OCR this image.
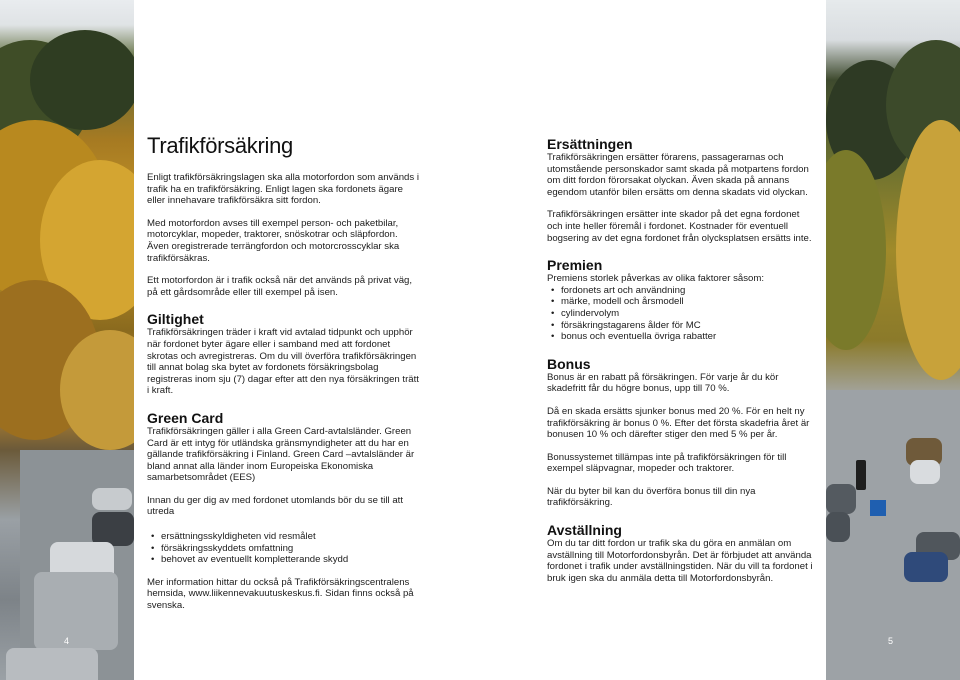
4	5
Trafikförsäkring

Enligt trafikförsäkringslagen ska alla motorfordon som används i trafik ha en trafikförsäkring. Enligt lagen ska fordonets ägare eller innehavare trafikförsäkra sitt fordon.

Med motorfordon avses till exempel person- och paketbilar, motorcyklar, mopeder, traktorer, snöskotrar och släpfordon. Även oregistrerade terrängfordon och motorcrosscyklar ska trafikförsäkras.

Ett motorfordon är i trafik också när det används på privat väg, på ett gårdsområde eller till exempel på isen.

Giltighet

Trafikförsäkringen träder i kraft vid avtalad tidpunkt och upphör när fordonet byter ägare eller i samband med att fordonet skrotas och avregistreras. Om du vill överföra trafikförsäkringen till annat bolag ska bytet av fordonets försäkringsbolag registreras inom sju (7) dagar efter att den nya försäkringen trätt i kraft.

Green Card

Trafikförsäkringen gäller i alla Green Card-avtalsländer. Green Card är ett intyg för utländska gränsmyndigheter att du har en gällande trafikförsäkring i Finland. Green Card –avtalsländer är bland annat alla länder inom Europeiska Ekonomiska samarbetsområdet (EES)

Innan du ger dig av med fordonet utomlands bör du se till att utreda

• ersättningsskyldigheten vid resmålet
• försäkringsskyddets omfattning
• behovet av eventuellt kompletterande skydd

Mer information hittar du också på Trafikförsäkringscentralens hemsida, www.liikennevakuutuskeskus.fi. Sidan finns också på svenska.

Ersättningen

Trafikförsäkringen ersätter förarens, passagerarnas och utomstående personskador samt skada på motpartens fordon om ditt fordon förorsakat olyckan. Även skada på annans egendom utanför bilen ersätts om denna skadats vid olyckan.

Trafikförsäkringen ersätter inte skador på det egna fordonet och inte heller föremål i fordonet. Kostnader för eventuell bogsering av det egna fordonet från olycksplatsen ersätts inte.

Premien

Premiens storlek påverkas av olika faktorer såsom:

• fordonets art och användning
• märke, modell och årsmodell
• cylindervolym
• försäkringstagarens ålder för MC
• bonus och eventuella övriga rabatter
Bonus

Bonus är en rabatt på försäkringen. För varje år du kör skadefritt får du högre bonus, upp till 70 %.

Då en skada ersätts sjunker bonus med 20 %. För en helt ny trafikförsäkring är bonus 0 %. Efter det första skadefria året är bonusen 10 % och därefter stiger den med 5 % per år.

Bonussystemet tillämpas inte på trafikförsäkringen för till exempel släpvagnar, mopeder och traktorer.

När du byter bil kan du överföra bonus till din nya trafikförsäkring.

Avställning

Om du tar ditt fordon ur trafik ska du göra en anmälan om avställning till Motorfordonsbyrån. Det är förbjudet att använda fordonet i trafik under avställningstiden. När du vill ta fordonet i bruk igen ska du anmäla detta till Motorfordonsbyrån.
